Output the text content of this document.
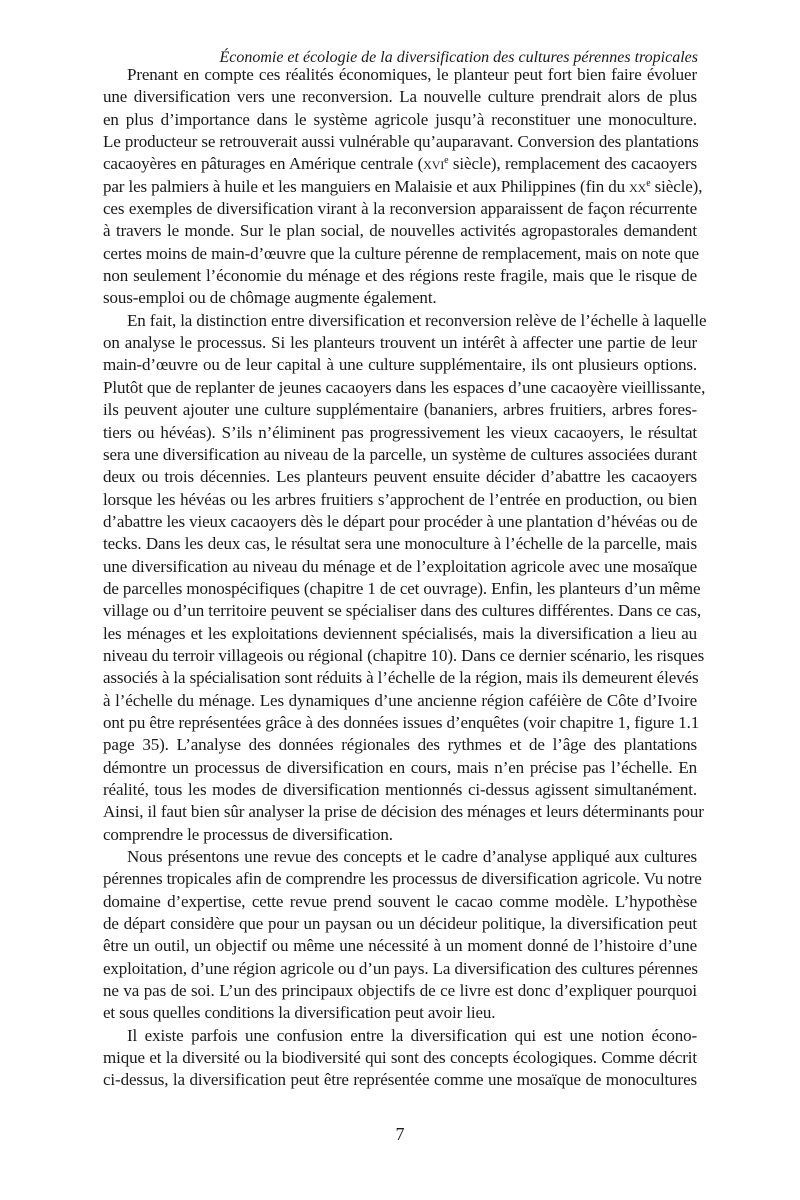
Économie et écologie de la diversification des cultures pérennes tropicales
Prenant en compte ces réalités économiques, le planteur peut fort bien faire évoluer
une diversification vers une reconversion. La nouvelle culture prendrait alors de plus
en plus d’importance dans le système agricole jusqu’à reconstituer une monoculture.
Le producteur se retrouverait aussi vulnérable qu’auparavant. Conversion des plantations
cacaoyères en pâturages en Amérique centrale (xvi$^e$ siècle), remplacement des cacaoyers
par les palmiers à huile et les manguiers en Malaisie et aux Philippines (fin du $xx^e$ siècle),
ces exemples de diversification virant à la reconversion apparaissent de façon récurrente
à travers le monde. Sur le plan social, de nouvelles activités agropastorales demandent
certes moins de main-d’œuvre que la culture pérenne de remplacement, mais on note que
non seulement l’économie du ménage et des régions reste fragile, mais que le risque de
sous-emploi ou de chômage augmente également.
En fait, la distinction entre diversification et reconversion relève de l’échelle à laquelle
on analyse le processus. Si les planteurs trouvent un intérêt à affecter une partie de leur
main-d’œuvre ou de leur capital à une culture supplémentaire, ils ont plusieurs options.
Plutôt que de replanter de jeunes cacaoyers dans les espaces d’une cacaoyère vieillissante,
ils peuvent ajouter une culture supplémentaire (bananiers, arbres fruitiers, arbres fores-
tiers ou hévéas). S’ils n’éliminent pas progressivement les vieux cacaoyers, le résultat
sera une diversification au niveau de la parcelle, un système de cultures associées durant
deux ou trois décennies. Les planteurs peuvent ensuite décider d’abattre les cacaoyers
lorsque les hévéas ou les arbres fruitiers s’approchent de l’entrée en production, ou bien
d’abattre les vieux cacaoyers dès le départ pour procéder à une plantation d’hévéas ou de
tecks. Dans les deux cas, le résultat sera une monoculture à l’échelle de la parcelle, mais
une diversification au niveau du ménage et de l’exploitation agricole avec une mosaïque
de parcelles monospécifiques (chapitre 1 de cet ouvrage). Enfin, les planteurs d’un même
village ou d’un territoire peuvent se spécialiser dans des cultures différentes. Dans ce cas,
les ménages et les exploitations deviennent spécialisés, mais la diversification a lieu au
niveau du terroir villageois ou régional (chapitre 10). Dans ce dernier scénario, les risques
associés à la spécialisation sont réduits à l’échelle de la région, mais ils demeurent élevés
à l’échelle du ménage. Les dynamiques d’une ancienne région caféière de Côte d’Ivoire
ont pu être représentées grâce à des données issues d’enquêtes (voir chapitre 1, figure 1.1
page 35). L’analyse des données régionales des rythmes et de l’âge des plantations
démontre un processus de diversification en cours, mais n’en précise pas l’échelle. En
réalité, tous les modes de diversification mentionnés ci-dessus agissent simultanément.
Ainsi, il faut bien sûr analyser la prise de décision des ménages et leurs déterminants pour
comprendre le processus de diversification.
Nous présentons une revue des concepts et le cadre d’analyse appliqué aux cultures
pérennes tropicales afin de comprendre les processus de diversification agricole. Vu notre
domaine d’expertise, cette revue prend souvent le cacao comme modèle. L’hypothèse
de départ considère que pour un paysan ou un décideur politique, la diversification peut
être un outil, un objectif ou même une nécessité à un moment donné de l’histoire d’une
exploitation, d’une région agricole ou d’un pays. La diversification des cultures pérennes
ne va pas de soi. L’un des principaux objectifs de ce livre est donc d’expliquer pourquoi
et sous quelles conditions la diversification peut avoir lieu.
Il existe parfois une confusion entre la diversification qui est une notion écono-
mique et la diversité ou la biodiversité qui sont des concepts écologiques. Comme décrit
ci-dessus, la diversification peut être représentée comme une mosaïque de monocultures
7
